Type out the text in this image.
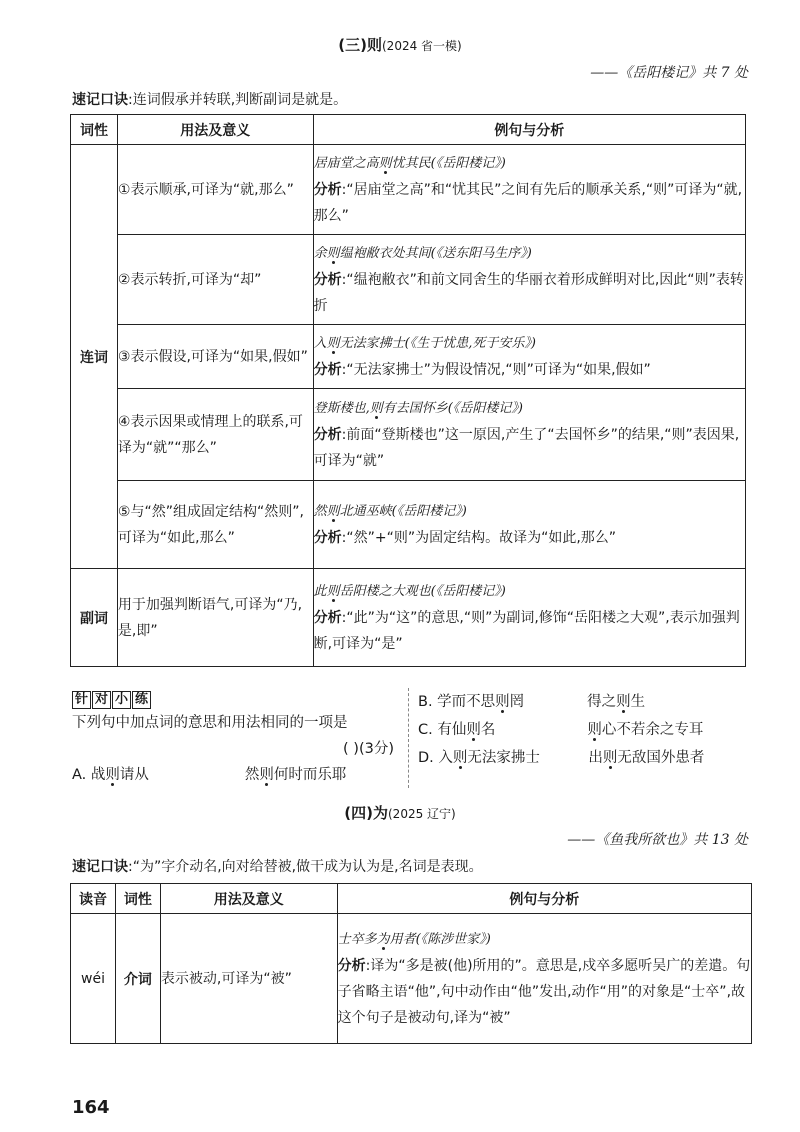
(三)则(2024 省一模)
——《岳阳楼记》共 7 处
速记口诀:连词假承并转联,判断副词是就是。
词性	用法及意义	例句与分析
连词	①表示顺承,可译为“就,那么”	居庙堂之高则忧其民(《岳阳楼记》)
分析:“居庙堂之高”和“忧其民”之间有先后的顺承关系,“则”可译为“就,那么”

	②表示转折,可译为“却”	余则缊袍敝衣处其间(《送东阳马生序》)
分析:“缊袍敝衣”和前文同舍生的华丽衣着形成鲜明对比,因此“则”表转折

	③表示假设,可译为“如果,假如”	入则无法家拂士(《生于忧患,死于安乐》)
分析:“无法家拂士”为假设情况,“则”可译为“如果,假如”

	④表示因果或情理上的联系,可译为“就”“那么”	登斯楼也,则有去国怀乡(《岳阳楼记》)
分析:前面“登斯楼也”这一原因,产生了“去国怀乡”的结果,“则”表因果,可译为“就”

	⑤与“然”组成固定结构“然则”,可译为“如此,那么”	然则北通巫峡(《岳阳楼记》)
分析:“然”+“则”为固定结构。故译为“如此,那么”

副词	用于加强判断语气,可译为“乃,是,即”	此则岳阳楼之大观也(《岳阳楼记》)
分析:“此”为“这”的意思,“则”为副词,修饰“岳阳楼之大观”,表示加强判断,可译为“是”
针 对 小 练
下列句中加点词的意思和用法相同的一项是
( )(3分)
A. 战则请从	然则何时而乐耶
B. 学而不思则罔	得之则生
C. 有仙则名	则心不若余之专耳
D. 入则无法家拂士	出则无敌国外患者
(四)为(2025 辽宁)
——《鱼我所欲也》共 13 处
速记口诀:“为”字介动名,向对给替被,做干成为认为是,名词是表现。
读音	词性	用法及意义	例句与分析
wéi	介词	表示被动,可译为“被”	士卒多为用者(《陈涉世家》)
分析:译为“多是被(他)所用的”。意思是,戍卒多愿听吴广的差遣。句子省略主语“他”,句中动作由“他”发出,动作“用”的对象是“士卒”,故这个句子是被动句,译为“被”
164
